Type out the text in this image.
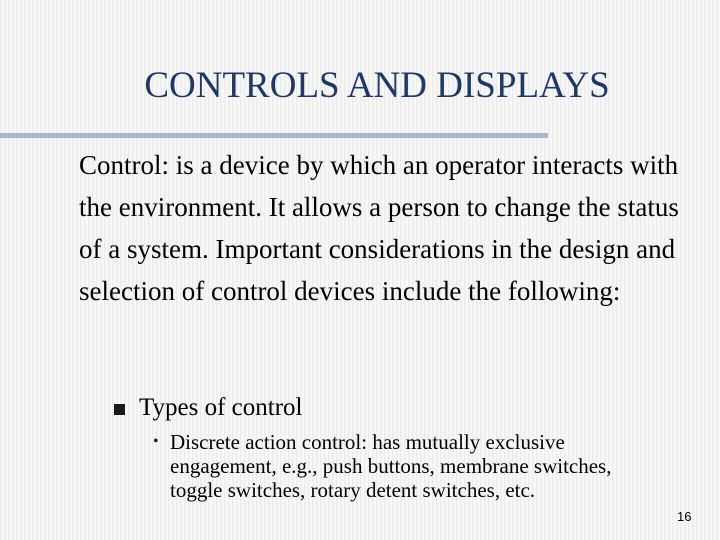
CONTROLS AND DISPLAYS

Control: is a device by which an operator interacts with the environment. It allows a person to change the status of a system. Important considerations in the design and selection of control devices include the following:

Types of control
• Discrete action control: has mutually exclusive engagement, e.g., push buttons, membrane switches, toggle switches, rotary detent switches, etc.
16
